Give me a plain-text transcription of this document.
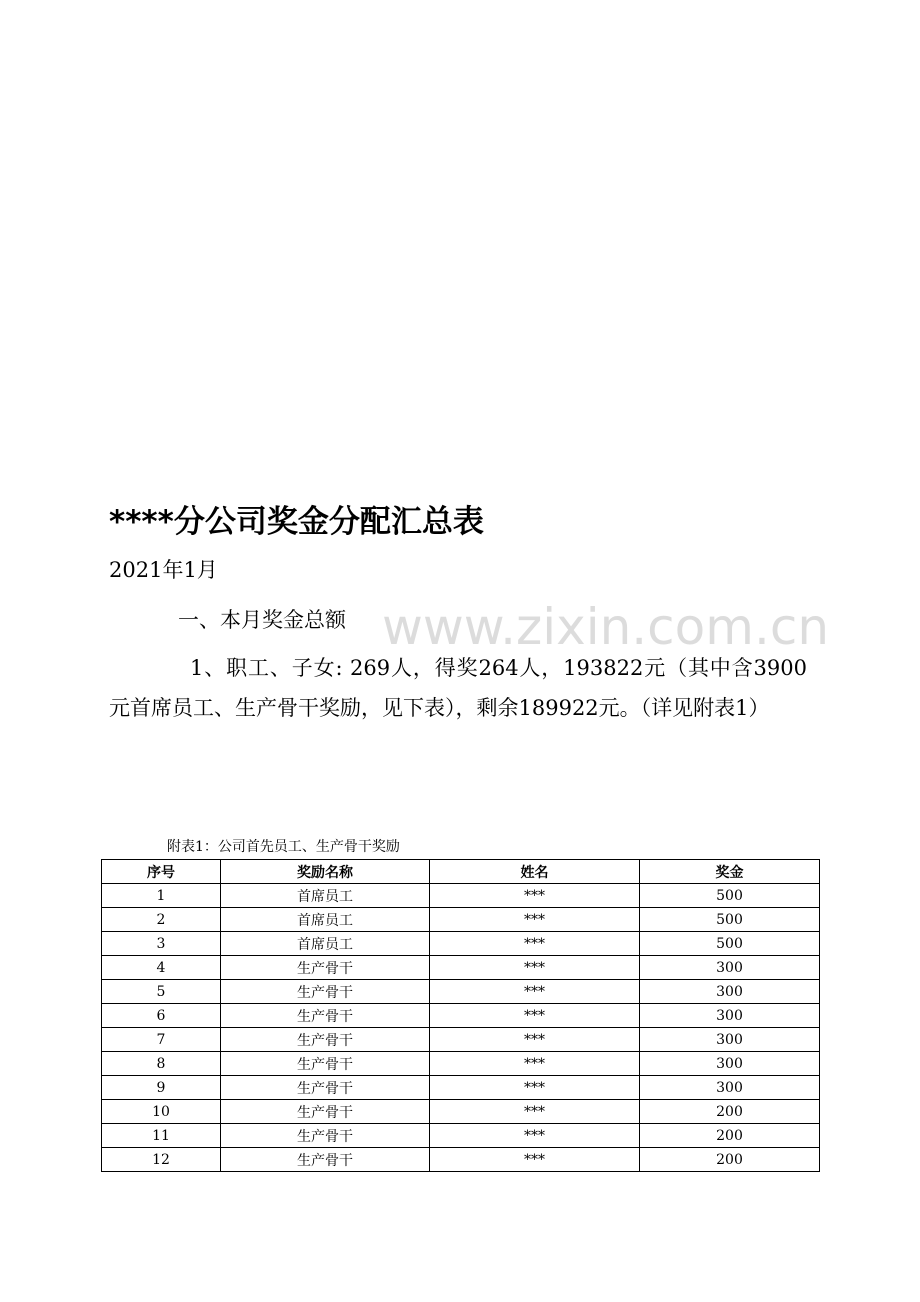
www.zixin.com.cn
****分公司奖金分配汇总表
2021年1月
一、本月奖金总额

1、职工、子女: 269人，得奖264人，193822元（其中含3900元首席员工、生产骨干奖励，见下表），剩余189922元。（详见附表1）

附表1：公司首先员工、生产骨干奖励
序号	奖励名称	姓名	奖金
1	首席员工	***	500
2	首席员工	***	500
3	首席员工	***	500
4	生产骨干	***	300
5	生产骨干	***	300
6	生产骨干	***	300
7	生产骨干	***	300
8	生产骨干	***	300
9	生产骨干	***	300
10	生产骨干	***	200
11	生产骨干	***	200
12	生产骨干	***	200
